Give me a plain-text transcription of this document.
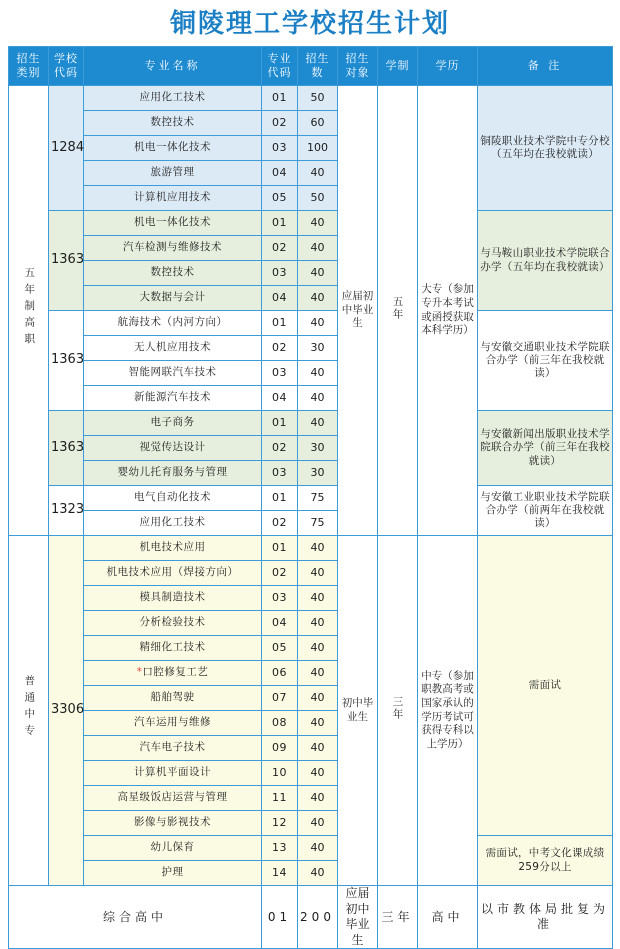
铜陵理工学校招生计划
招生类别	学校代码	专业名称	专业代码	招生数	招生对象	学制	学历	备 注
五年制高职	1284	应用化工技术	01	50	应届初中毕业生	五年	大专（参加专升本考试或函授获取本科学历）	铜陵职业技术学院中专分校（五年均在我校就读）
		数控技术	02	60				
		机电一体化技术	03	100				
		旅游管理	04	40				
		计算机应用技术	05	50				
	1363	机电一体化技术	01	40				与马鞍山职业技术学院联合办学（五年均在我校就读）
		汽车检测与维修技术	02	40				
		数控技术	03	40				
		大数据与会计	04	40				
	1363	航海技术（内河方向）	01	40				与安徽交通职业技术学院联合办学（前三年在我校就读）
		无人机应用技术	02	30				
		智能网联汽车技术	03	40				
		新能源汽车技术	04	40				
	1363	电子商务	01	40				与安徽新闻出版职业技术学院联合办学（前三年在我校就读）
		视觉传达设计	02	30				
		婴幼儿托育服务与管理	03	30				
	1323	电气自动化技术	01	75				与安徽工业职业技术学院联合办学（前两年在我校就读）
		应用化工技术	02	75				
普通中专	3306	机电技术应用	01	40	初中毕业生	三年	中专（参加职教高考或国家承认的学历考试可获得专科以上学历）	需面试
		机电技术应用（焊接方向）	02	40				
		模具制造技术	03	40				
		分析检验技术	04	40				
		精细化工技术	05	40				
		*口腔修复工艺	06	40				
		船舶驾驶	07	40				
		汽车运用与维修	08	40				
		汽车电子技术	09	40				
		计算机平面设计	10	40				
		高星级饭店运营与管理	11	40				
		影像与影视技术	12	40				
		幼儿保育	13	40				需面试，中考文化课成绩259分以上
		护理	14	40				
综合高中			01	200	应届初中毕业生	三年	高中	以市教体局批复为准
